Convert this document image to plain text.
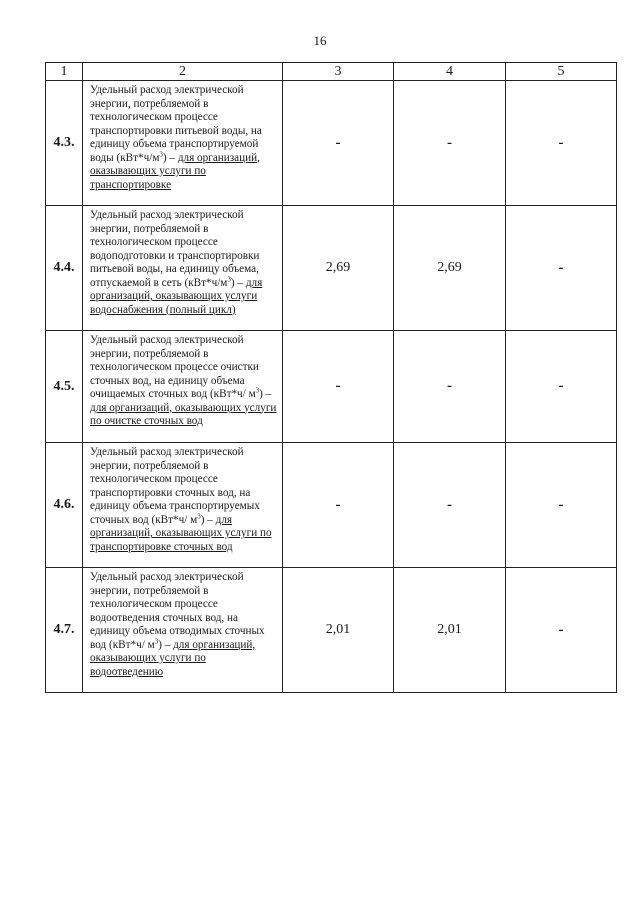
16
1	2	3	4	5
4.3.	Удельный расход электрической энергии, потребляемой в технологическом процессе транспортировки питьевой воды, на единицу объема транспортируемой воды $(кВт*ч/м^3)$ – для организаций, оказывающих услуги по транспортировке	-	-	-
4.4.	Удельный расход электрической энергии, потребляемой в технологическом процессе водоподготовки и транспортировки питьевой воды, на единицу объема, отпускаемой в сеть $(кВт*ч/м^3)$ – для организаций, оказывающих услуги водоснабжения (полный цикл)	2,69	2,69	-
4.5.	Удельный расход электрической энергии, потребляемой в технологическом процессе очистки сточных вод, на единицу объема очищаемых сточных вод (кВт*ч/ $м^3$) – для организаций, оказывающих услуги по очистке сточных вод	-	-	-
4.6.	Удельный расход электрической энергии, потребляемой в технологическом процессе транспортировки сточных вод, на единицу объема транспортируемых сточных вод (кВт*ч/ $м^3$) – для организаций, оказывающих услуги по транспортировке сточных вод	-	-	-
4.7.	Удельный расход электрической энергии, потребляемой в технологическом процессе водоотведения сточных вод, на единицу объема отводимых сточных вод (кВт*ч/ $м^3$) – для организаций, оказывающих услуги по водоотведению	2,01	2,01	-
